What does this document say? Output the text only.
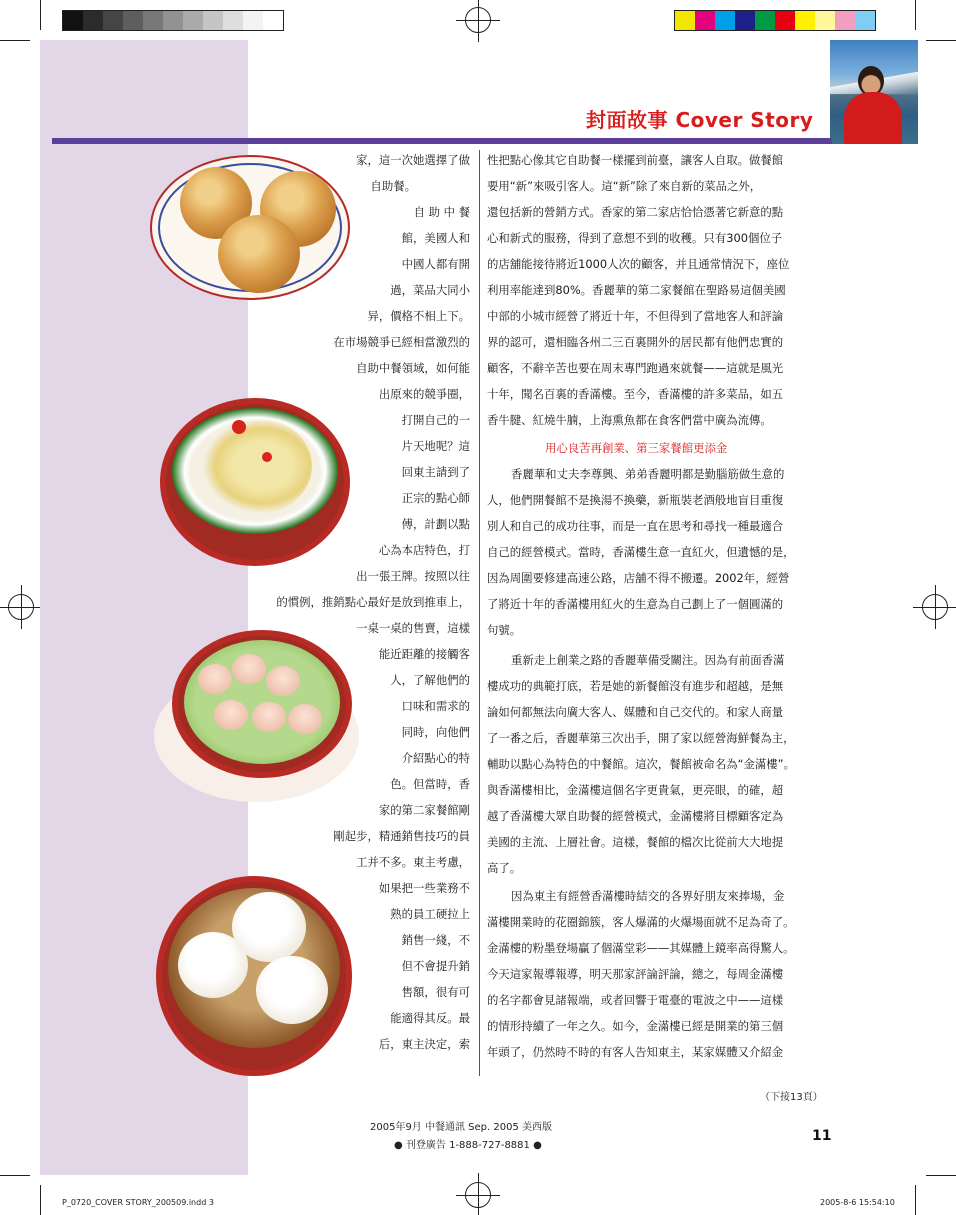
封面故事 Cover Story
家，這一次她選擇了做
自助餐。
自 助 中 餐
館，美國人和
中國人都有開
過，菜品大同小
异，價格不相上下。
在市場競爭已經相當激烈的
自助中餐領域，如何能
出原來的競爭圈，
打開自己的一
片天地呢？這
回東主請到了
正宗的點心師
傅，計劃以點
心為本店特色，打
出一張王牌。按照以往
的慣例，推銷點心最好是放到推車上，
一桌一桌的售賣，這樣
能近距離的接觸客
人，了解他們的
口味和需求的
同時，向他們
介紹點心的特
色。但當時，香
家的第二家餐館剛
剛起步，精通銷售技巧的員
工并不多。東主考慮，
如果把一些業務不
熟的員工硬拉上
銷售一綫，不
但不會提升銷
售額，很有可
能適得其反。最
后，東主決定，索
性把點心像其它自助餐一樣擺到前臺，讓客人自取。做餐館
要用“新”來吸引客人。這“新”除了來自新的菜品之外，
還包括新的營銷方式。香家的第二家店恰恰憑著它新意的點
心和新式的服務，得到了意想不到的收穫。只有300個位子
的店舖能接待將近1000人次的顧客，并且通常情況下，座位
利用率能達到80%。香麗華的第二家餐館在聖路易這個美國
中部的小城市經營了將近十年，不但得到了當地客人和評論
界的認可，還相臨各州二三百裏開外的居民都有他們忠實的
顧客，不辭辛苦也要在周末專門跑過來就餐——這就是風光
十年，聞名百裏的香滿樓。至今，香滿樓的許多菜品，如五
香牛腱、紅燒牛腩，上海熏魚都在食客們當中廣為流傳。
用心良苦再創業、第三家餐館更添金
香麗華和丈夫李尊興、弟弟香麗明都是勤腦筋做生意的
人，他們開餐館不是換湯不換藥，新瓶裝老酒般地盲目重復
別人和自己的成功往事，而是一直在思考和尋找一種最適合
自己的經營模式。當時，香滿樓生意一直紅火，但遺憾的是，
因為周圍要修建高速公路，店舖不得不搬遷。2002年，經營
了將近十年的香滿樓用紅火的生意為自己劃上了一個圓滿的
句號。
重新走上創業之路的香麗華備受關注。因為有前面香滿
樓成功的典範打底，若是她的新餐館沒有進步和超越，是無
論如何都無法向廣大客人、媒體和自己交代的。和家人商量
了一番之后，香麗華第三次出手，開了家以經營海鮮餐為主，
輔助以點心為特色的中餐館。這次，餐館被命名為“金滿樓”。
與香滿樓相比，金滿樓這個名字更貴氣，更亮眼，的確，超
越了香滿樓大眾自助餐的經營模式，金滿樓將目標顧客定為
美國的主流、上層社會。這樣，餐館的檔次比從前大大地提
高了。
因為東主有經營香滿樓時結交的各界好朋友來捧場，金
滿樓開業時的花圈錦簇，客人爆滿的火爆場面就不足為奇了。
金滿樓的粉墨登場贏了個滿堂彩——其媒體上鏡率高得驚人。
今天這家報導報導，明天那家評論評論，總之，每周金滿樓
的名字都會見諸報端，或者回響于電臺的電波之中——這樣
的情形持續了一年之久。如今，金滿樓已經是開業的第三個
年頭了，仍然時不時的有客人告知東主，某家媒體又介紹金
（下接13頁）
2005年9月 中餐通訊 Sep. 2005 美西版
● 刊登廣告 1-888-727-8881 ●
11
P_0720_COVER STORY_200509.indd 3	2005-8-6 15:54:10
